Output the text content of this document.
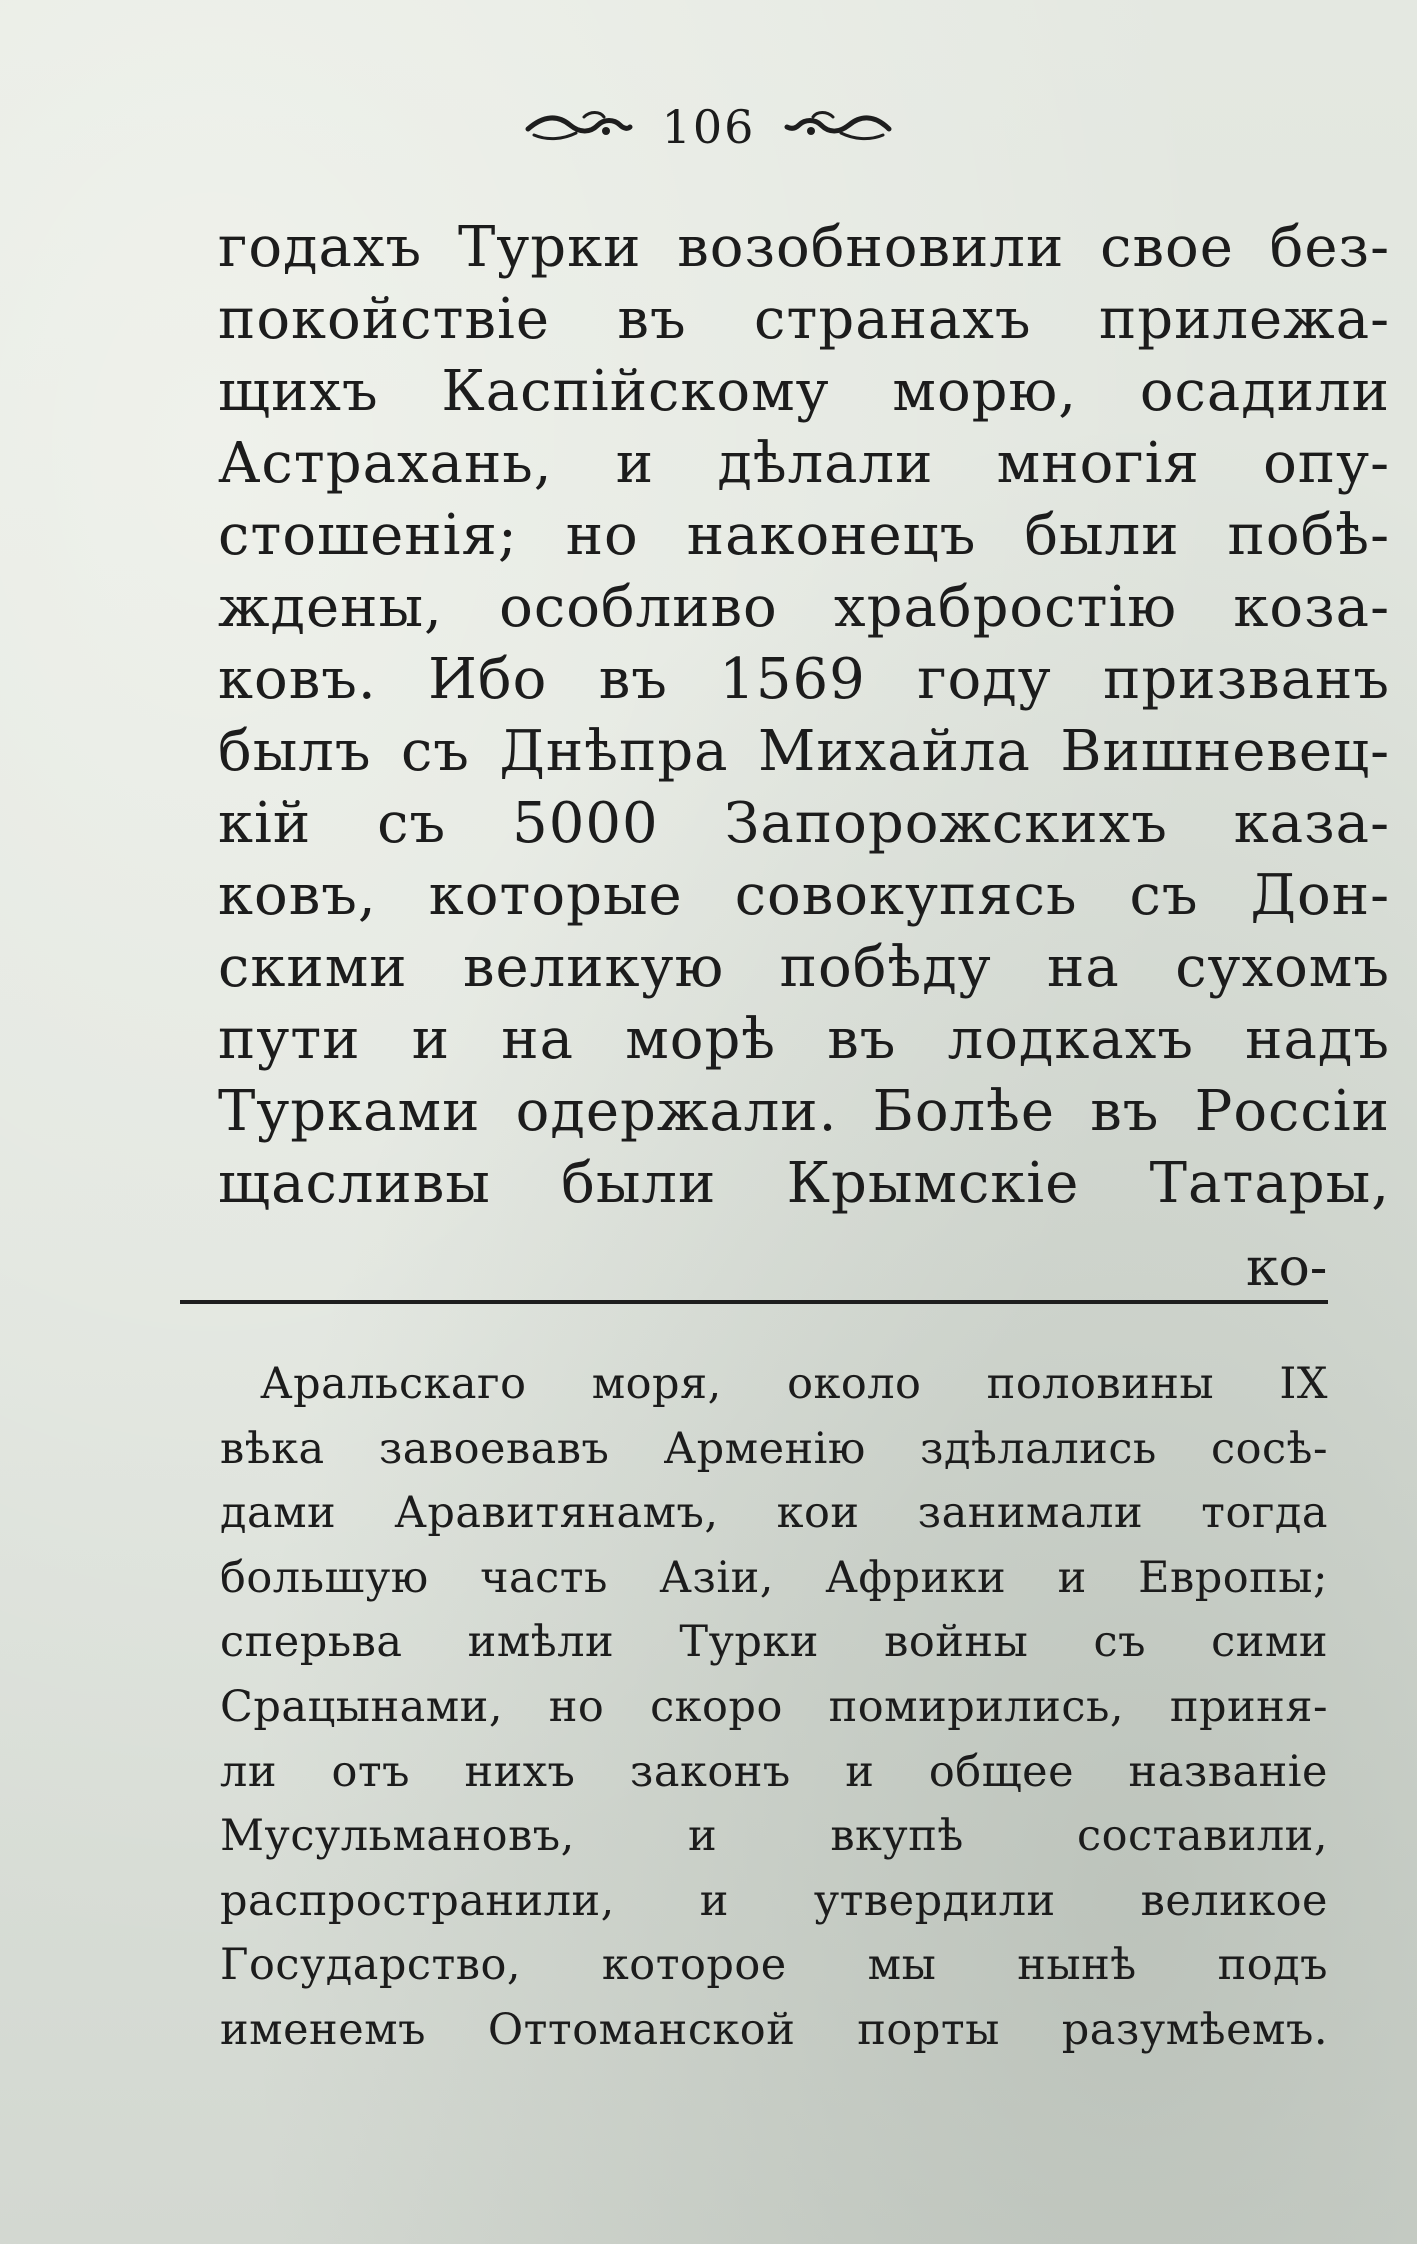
106
годахъ Турки возобновили свое без-
покойствіе въ странахъ прилежа-
щихъ Каспійскому морю, осадили
Астрахань, и дѣлали многія опу-
стошенія; но наконецъ были побѣ-
ждены, особливо храбростію коза-
ковъ. Ибо въ 1569 году призванъ
былъ съ Днѣпра Михайла Вишневец-
кій съ 5000 Запорожскихъ каза-
ковъ, которые совокупясь съ Дон-
скими великую побѣду на сухомъ
пути и на морѣ въ лодкахъ надъ
Турками одержали. Болѣе въ Россіи
щасливы были Крымскіе Татары,
ко-
Аральскаго моря, около половины IX
вѣка завоевавъ Арменію здѣлались сосѣ-
дами Аравитянамъ, кои занимали тогда
большую часть Азіи, Африки и Европы;
сперьва имѣли Турки войны съ сими
Срацынами, но скоро помирились, приня-
ли отъ нихъ законъ и общее названіе
Мусульмановъ, и вкупѣ составили,
распространили, и утвердили великое
Государство, которое мы нынѣ подъ
именемъ Оттоманской порты разумѣемъ.
